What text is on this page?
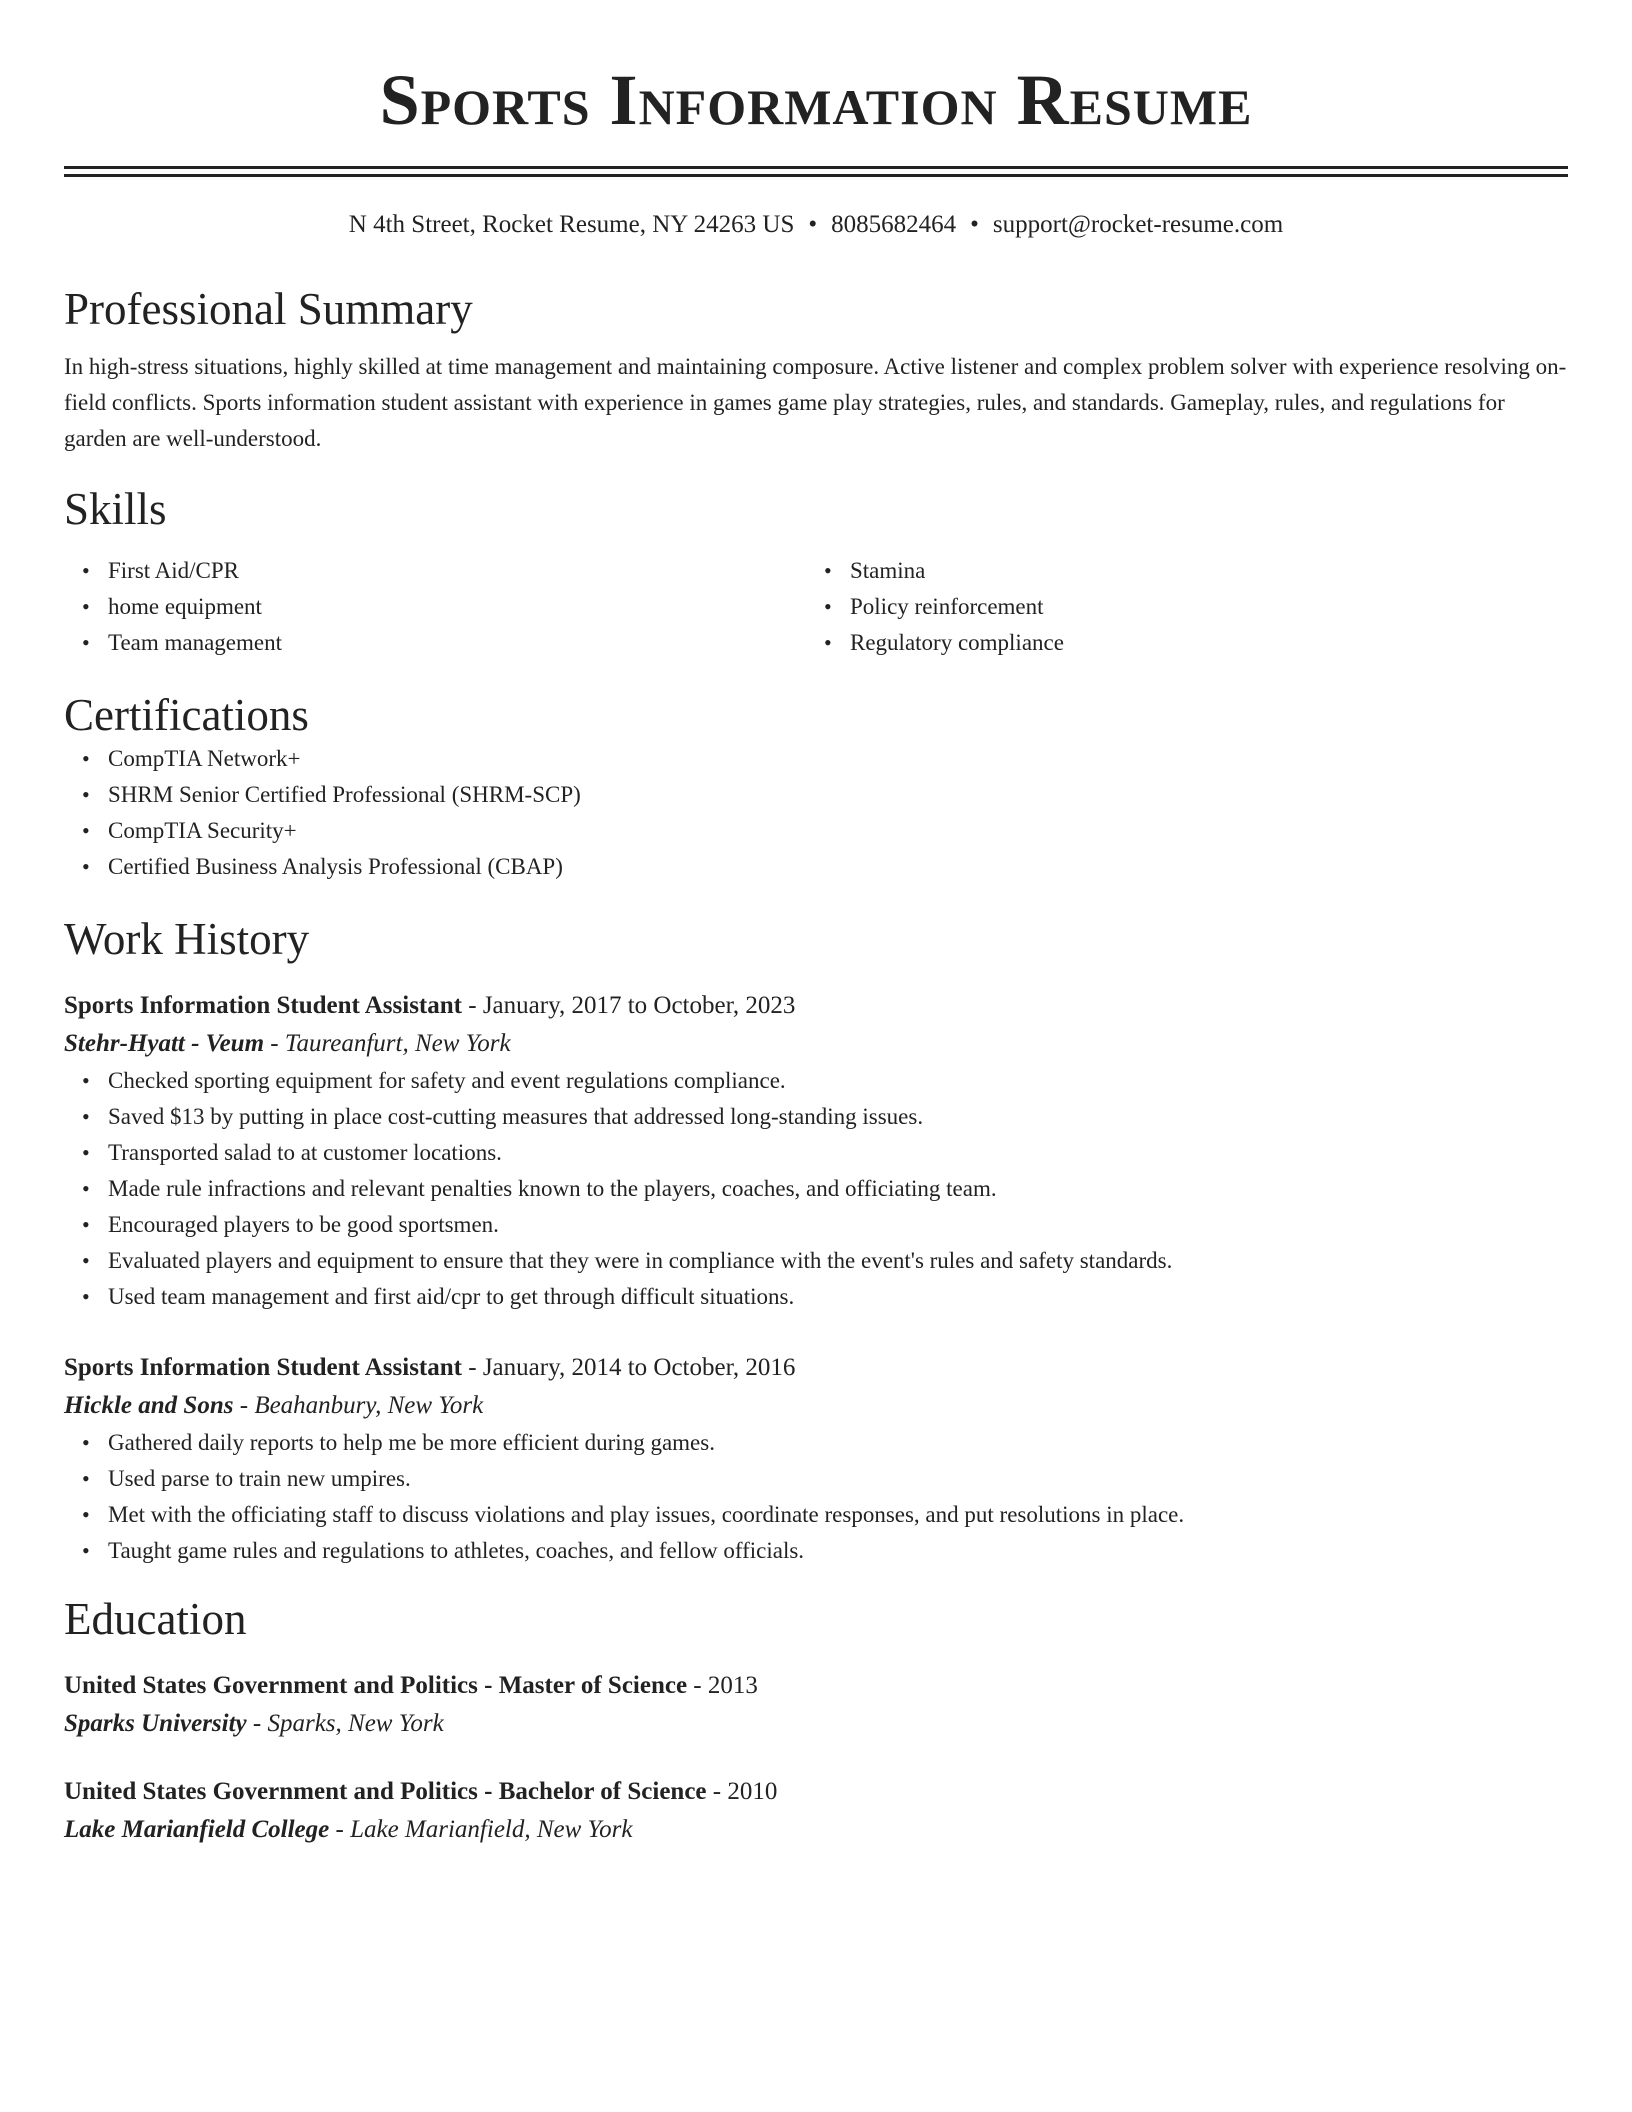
Sports Information Resume
N 4th Street, Rocket Resume, NY 24263 US • 8085682464 • support@rocket-resume.com
Professional Summary

In high-stress situations, highly skilled at time management and maintaining composure. Active listener and complex problem solver with experience resolving on-field conflicts. Sports information student assistant with experience in games game play strategies, rules, and standards. Gameplay, rules, and regulations for garden are well-understood.

Skills
• First Aid/CPR
• home equipment
• Team management
• Stamina
• Policy reinforcement
• Regulatory compliance
Certifications
• CompTIA Network+
• SHRM Senior Certified Professional (SHRM-SCP)
• CompTIA Security+
• Certified Business Analysis Professional (CBAP)
Work History
Sports Information Student Assistant - January, 2017 to October, 2023
Stehr-Hyatt - Veum - Taureanfurt, New York
• Checked sporting equipment for safety and event regulations compliance.
• Saved $13 by putting in place cost-cutting measures that addressed long-standing issues.
• Transported salad to at customer locations.
• Made rule infractions and relevant penalties known to the players, coaches, and officiating team.
• Encouraged players to be good sportsmen.
• Evaluated players and equipment to ensure that they were in compliance with the event's rules and safety standards.
• Used team management and first aid/cpr to get through difficult situations.
Sports Information Student Assistant - January, 2014 to October, 2016
Hickle and Sons - Beahanbury, New York
• Gathered daily reports to help me be more efficient during games.
• Used parse to train new umpires.
• Met with the officiating staff to discuss violations and play issues, coordinate responses, and put resolutions in place.
• Taught game rules and regulations to athletes, coaches, and fellow officials.
Education
United States Government and Politics - Master of Science - 2013
Sparks University - Sparks, New York
United States Government and Politics - Bachelor of Science - 2010
Lake Marianfield College - Lake Marianfield, New York
